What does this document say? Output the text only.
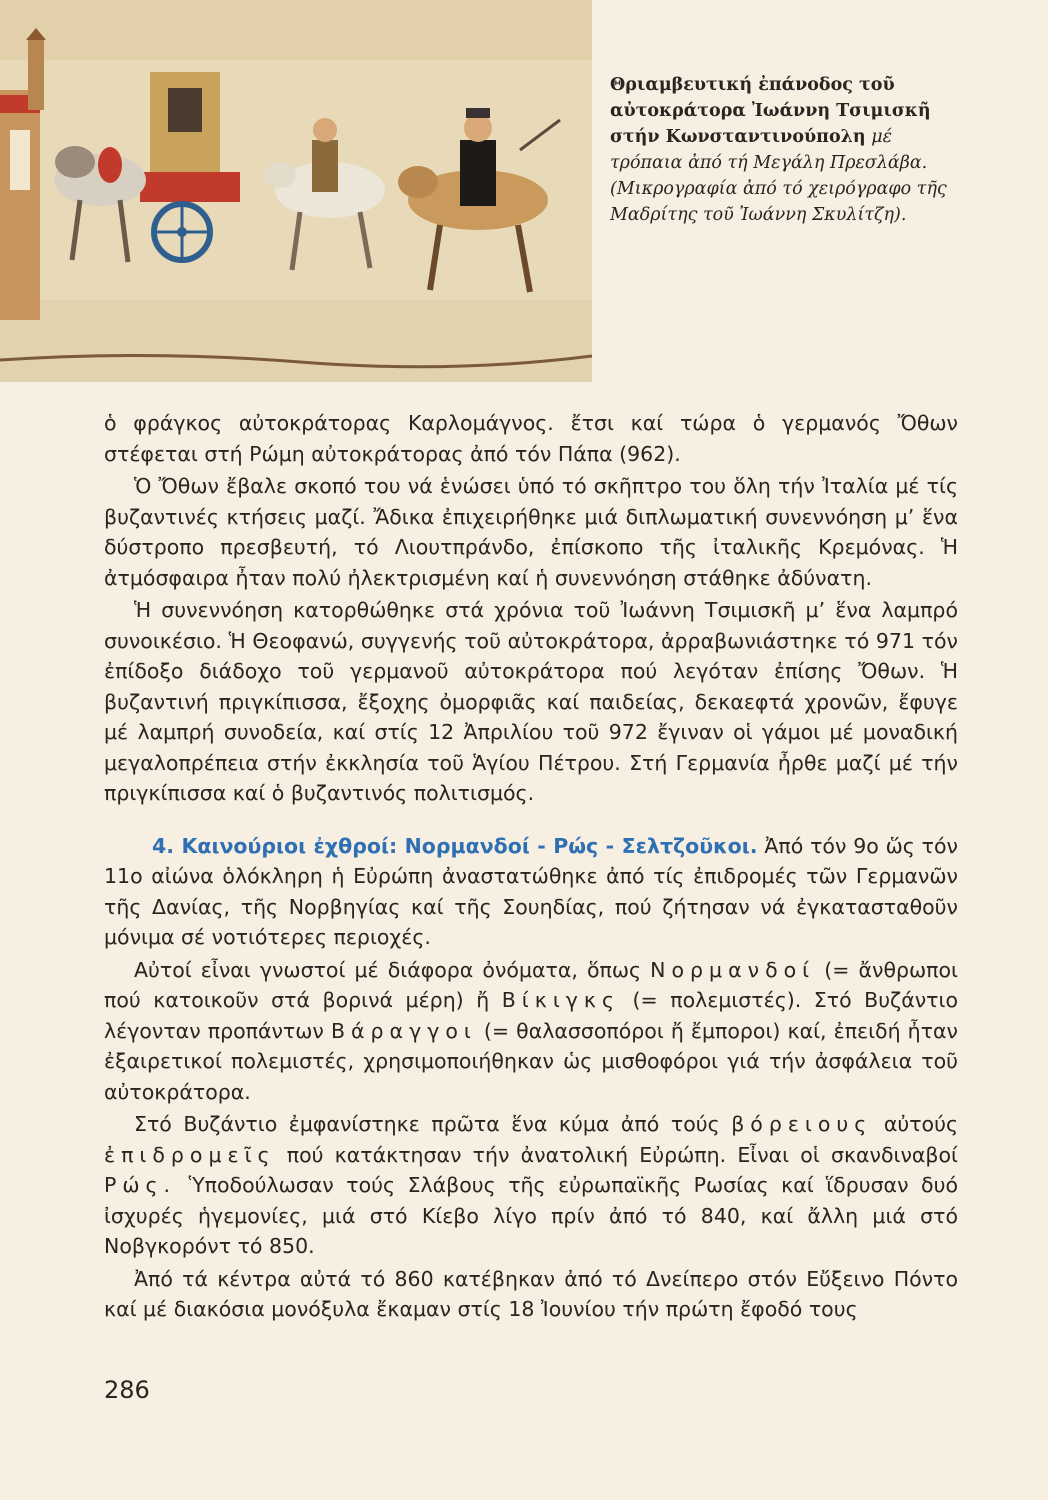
Θριαμβευτική ἐπάνοδος τοῦ αὐτοκράτορα Ἰωάννη Τσιμισκῆ στήν Κωνσταντινούπολη μέ τρόπαια ἀπό τή Μεγάλη Πρεσλάβα. (Μικρογραφία ἀπό τό χειρόγραφο τῆς Μαδρίτης τοῦ Ἰωάννη Σκυλίτζη).

ὁ φράγκος αὐτοκράτορας Καρλομάγνος. ἔτσι καί τώρα ὁ γερμανός Ὄθων στέφεται στή Ρώμη αὐτοκράτορας ἀπό τόν Πάπα (962).

Ὁ Ὄθων ἔβαλε σκοπό του νά ἑνώσει ὑπό τό σκῆπτρο του ὅλη τήν Ἰταλία μέ τίς βυζαντινές κτήσεις μαζί. Ἄδικα ἐπιχειρήθηκε μιά διπλωματική συνεννόηση μ’ ἕνα δύστροπο πρεσβευτή, τό Λιουτπράνδο, ἐπίσκοπο τῆς ἰταλικῆς Κρεμόνας. Ἡ ἀτμόσφαιρα ἦταν πολύ ἠλεκτρισμένη καί ἡ συνεννόηση στάθηκε ἀδύνατη.

Ἡ συνεννόηση κατορθώθηκε στά χρόνια τοῦ Ἰωάννη Τσιμισκῆ μ’ ἕνα λαμπρό συνοικέσιο. Ἡ Θεοφανώ, συγγενής τοῦ αὐτοκράτορα, ἀρραβωνιάστηκε τό 971 τόν ἐπίδοξο διάδοχο τοῦ γερμανοῦ αὐτοκράτορα πού λεγόταν ἐπίσης Ὄθων. Ἡ βυζαντινή πριγκίπισσα, ἔξοχης ὀμορφιᾶς καί παιδείας, δεκαεφτά χρονῶν, ἔφυγε μέ λαμπρή συνοδεία, καί στίς 12 Ἀπριλίου τοῦ 972 ἔγιναν οἱ γάμοι μέ μοναδική μεγαλοπρέπεια στήν ἐκκλησία τοῦ Ἁγίου Πέτρου. Στή Γερμανία ἦρθε μαζί μέ τήν πριγκίπισσα καί ὁ βυζαντινός πολιτισμός.

4. Καινούριοι ἐχθροί: Νορμανδοί - Ρώς - Σελτζοῦκοι. Ἀπό τόν 9ο ὥς τόν 11ο αἰώνα ὁλόκληρη ἡ Εὐρώπη ἀναστατώθηκε ἀπό τίς ἐπιδρομές τῶν Γερμανῶν τῆς Δανίας, τῆς Νορβηγίας καί τῆς Σουηδίας, πού ζήτησαν νά ἐγκατασταθοῦν μόνιμα σέ νοτιότερες περιοχές.

Αὐτοί εἶναι γνωστοί μέ διάφορα ὀνόματα, ὅπως Νορμανδοί (= ἄνθρωποι πού κατοικοῦν στά βορινά μέρη) ἤ Βίκιγκς (= πολεμιστές). Στό Βυζάντιο λέγονταν προπάντων Βάραγγοι (= θαλασσοπόροι ἤ ἔμποροι) καί, ἐπειδή ἦταν ἐξαιρετικοί πολεμιστές, χρησιμοποιήθηκαν ὡς μισθοφόροι γιά τήν ἀσφάλεια τοῦ αὐτοκράτορα.

Στό Βυζάντιο ἐμφανίστηκε πρῶτα ἕνα κύμα ἀπό τούς βόρειους αὐτούς ἐπιδρομεῖς πού κατάκτησαν τήν ἀνατολική Εὐρώπη. Εἶναι οἱ σκανδιναβοί Ρώς. Ὑποδούλωσαν τούς Σλάβους τῆς εὐρωπαϊκῆς Ρωσίας καί ἵδρυσαν δυό ἰσχυρές ἡγεμονίες, μιά στό Κίεβο λίγο πρίν ἀπό τό 840, καί ἄλλη μιά στό Νοβγκορόντ τό 850.

Ἀπό τά κέντρα αὐτά τό 860 κατέβηκαν ἀπό τό Δνείπερο στόν Εὔξεινο Πόντο καί μέ διακόσια μονόξυλα ἔκαμαν στίς 18 Ἰουνίου τήν πρώτη ἔφοδό τους

286
